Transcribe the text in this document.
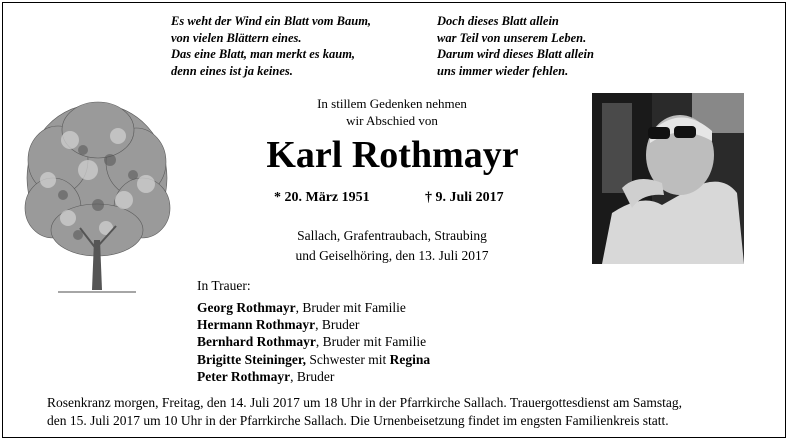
Es weht der Wind ein Blatt vom Baum,
von vielen Blättern eines.
Das eine Blatt, man merkt es kaum,
denn eines ist ja keines.
Doch dieses Blatt allein
war Teil von unserem Leben.
Darum wird dieses Blatt allein
uns immer wieder fehlen.
In stillem Gedenken nehmen
wir Abschied von
Karl Rothmayr
* 20. März 1951	† 9. Juli 2017
Sallach, Grafentraubach, Straubing
und Geiselhöring, den 13. Juli 2017
In Trauer:
Georg Rothmayr, Bruder mit Familie
Hermann Rothmayr, Bruder
Bernhard Rothmayr, Bruder mit Familie
Brigitte Steininger, Schwester mit Regina
Peter Rothmayr, Bruder
Rosenkranz morgen, Freitag, den 14. Juli 2017 um 18 Uhr in der Pfarrkirche Sallach. Trauergottesdienst am Samstag,
den 15. Juli 2017 um 10 Uhr in der Pfarrkirche Sallach. Die Urnenbeisetzung findet im engsten Familienkreis statt.
